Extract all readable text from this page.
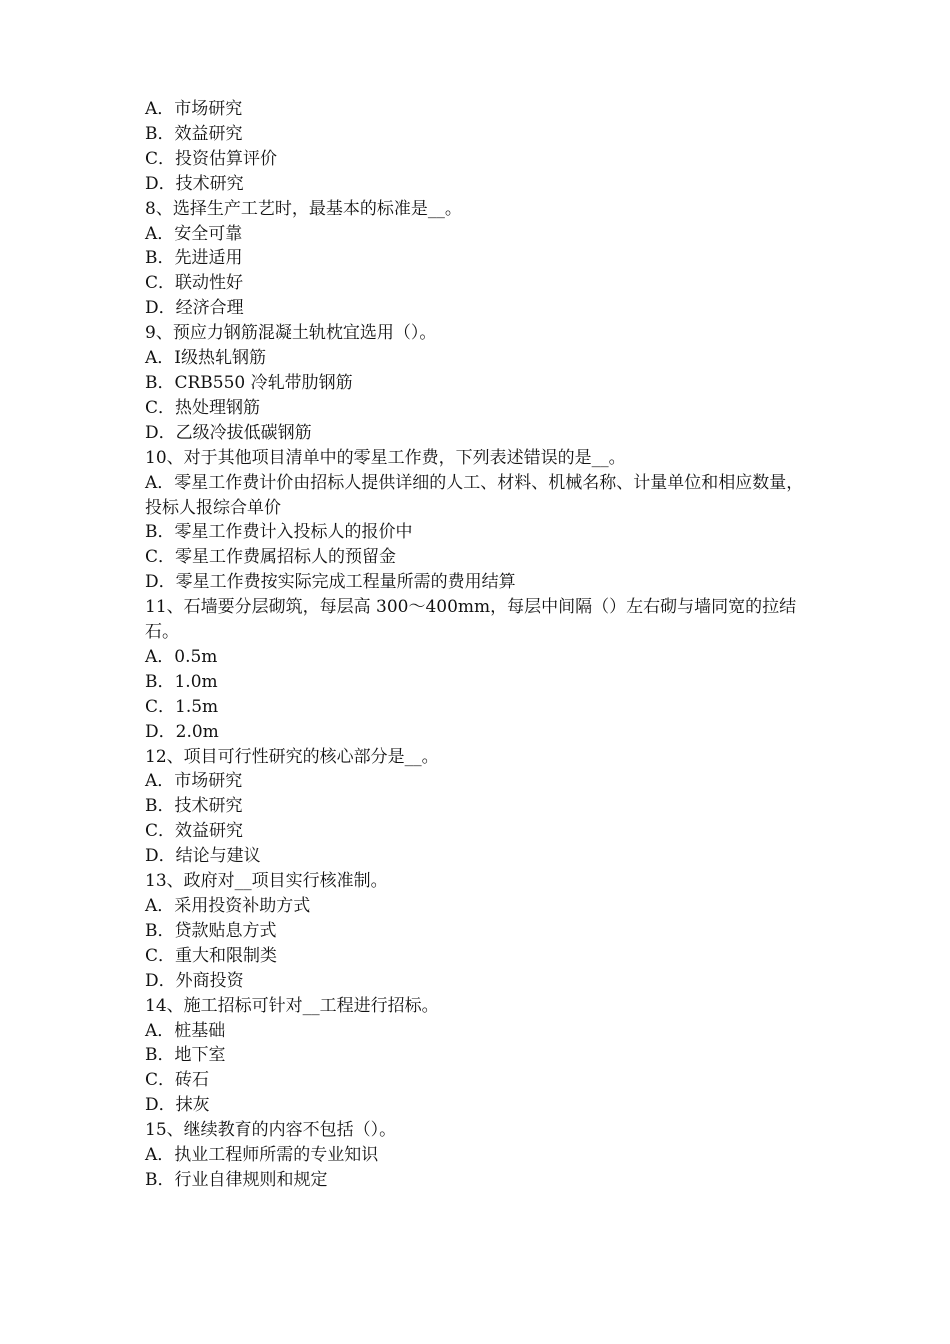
A．市场研究

B．效益研究

C．投资估算评价

D．技术研究

8、选择生产工艺时，最基本的标准是__。

A．安全可靠

B．先进适用

C．联动性好

D．经济合理

9、预应力钢筋混凝土轨枕宜选用（）。

A．Ⅰ级热轧钢筋

B．CRB550 冷轧带肋钢筋

C．热处理钢筋

D．乙级冷拔低碳钢筋

10、对于其他项目清单中的零星工作费，下列表述错误的是__。

A．零星工作费计价由招标人提供详细的人工、材料、机械名称、计量单位和相应数量，投标人报综合单价

B．零星工作费计入投标人的报价中

C．零星工作费属招标人的预留金

D．零星工作费按实际完成工程量所需的费用结算

11、石墙要分层砌筑，每层高 300～400mm，每层中间隔（）左右砌与墙同宽的拉结石。

A．0.5m

B．1.0m

C．1.5m

D．2.0m

12、项目可行性研究的核心部分是__。

A．市场研究

B．技术研究

C．效益研究

D．结论与建议

13、政府对__项目实行核准制。

A．采用投资补助方式

B．贷款贴息方式

C．重大和限制类

D．外商投资

14、施工招标可针对__工程进行招标。

A．桩基础

B．地下室

C．砖石

D．抹灰

15、继续教育的内容不包括（）。

A．执业工程师所需的专业知识

B．行业自律规则和规定
